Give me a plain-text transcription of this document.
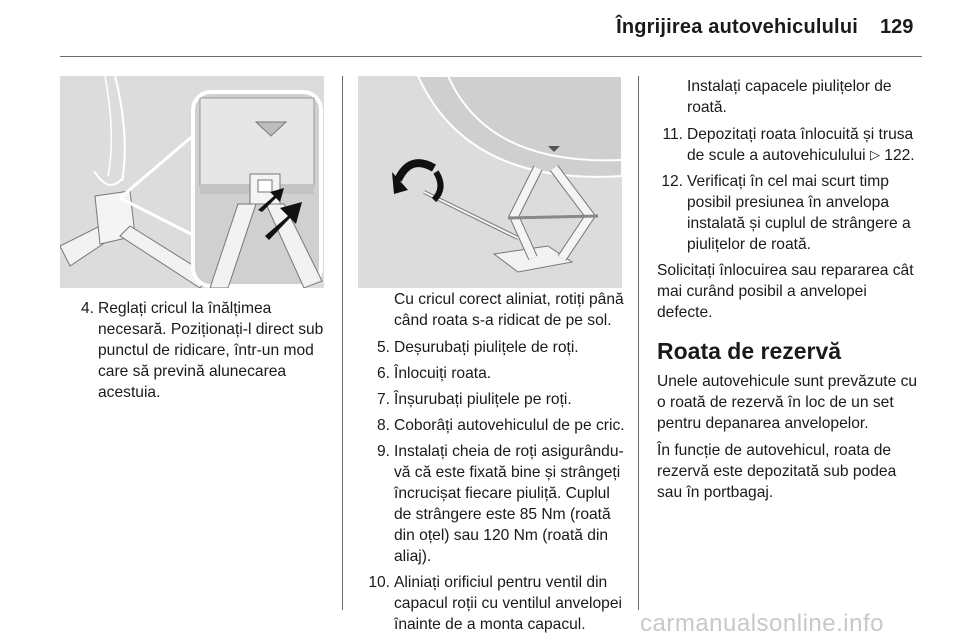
Îngrijirea autovehiculului 129
4. Reglați cricul la înălțimea necesară. Poziționați-l direct sub punctul de ridicare, într-un mod care să prevină alunecarea acestuia.

Cu cricul corect aliniat, rotiți până când roata s-a ridicat de pe sol.

5. Deșurubați piulițele de roți.
6. Înlocuiți roata.
7. Înșurubați piulițele pe roți.
8. Coborâți autovehiculul de pe cric.
9. Instalați cheia de roți asigurându-vă că este fixată bine și strângeți încrucișat fiecare piuliță. Cuplul de strângere este 85 Nm (roată din oțel) sau 120 Nm (roată din aliaj).
10. Aliniați orificiul pentru ventil din capacul roții cu ventilul anvelopei înainte de a monta capacul.

Instalați capacele piulițelor de roată.

11. Depozitați roata înlocuită și trusa de scule a autovehiculului ▷ 122.
12. Verificați în cel mai scurt timp posibil presiunea în anvelopa instalată și cuplul de strângere a piulițelor de roată.

Solicitați înlocuirea sau repararea cât mai curând posibil a anvelopei defecte.

Roata de rezervă

Unele autovehicule sunt prevăzute cu o roată de rezervă în loc de un set pentru depanarea anvelopelor.

În funcție de autovehicul, roata de rezervă este depozitată sub podea sau în portbagaj.

carmanualsonline.info
